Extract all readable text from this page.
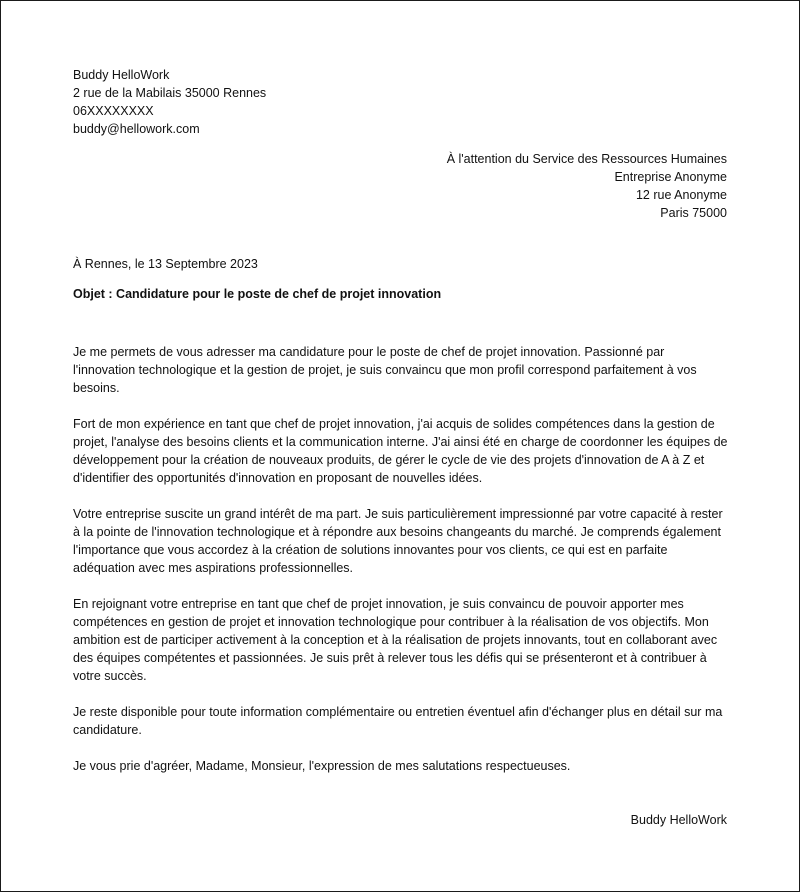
Buddy HelloWork
2 rue de la Mabilais 35000 Rennes
06XXXXXXXX
buddy@hellowork.com
À l'attention du Service des Ressources Humaines
Entreprise Anonyme
12 rue Anonyme
Paris 75000
À Rennes, le 13 Septembre 2023
Objet : Candidature pour le poste de chef de projet innovation

Je me permets de vous adresser ma candidature pour le poste de chef de projet innovation. Passionné par l'innovation technologique et la gestion de projet, je suis convaincu que mon profil correspond parfaitement à vos besoins.

Fort de mon expérience en tant que chef de projet innovation, j'ai acquis de solides compétences dans la gestion de projet, l'analyse des besoins clients et la communication interne. J'ai ainsi été en charge de coordonner les équipes de développement pour la création de nouveaux produits, de gérer le cycle de vie des projets d'innovation de A à Z et d'identifier des opportunités d'innovation en proposant de nouvelles idées.

Votre entreprise suscite un grand intérêt de ma part. Je suis particulièrement impressionné par votre capacité à rester à la pointe de l'innovation technologique et à répondre aux besoins changeants du marché. Je comprends également l'importance que vous accordez à la création de solutions innovantes pour vos clients, ce qui est en parfaite adéquation avec mes aspirations professionnelles.

En rejoignant votre entreprise en tant que chef de projet innovation, je suis convaincu de pouvoir apporter mes compétences en gestion de projet et innovation technologique pour contribuer à la réalisation de vos objectifs. Mon ambition est de participer activement à la conception et à la réalisation de projets innovants, tout en collaborant avec des équipes compétentes et passionnées. Je suis prêt à relever tous les défis qui se présenteront et à contribuer à votre succès.

Je reste disponible pour toute information complémentaire ou entretien éventuel afin d'échanger plus en détail sur ma candidature.

Je vous prie d'agréer, Madame, Monsieur, l'expression de mes salutations respectueuses.

Buddy HelloWork
